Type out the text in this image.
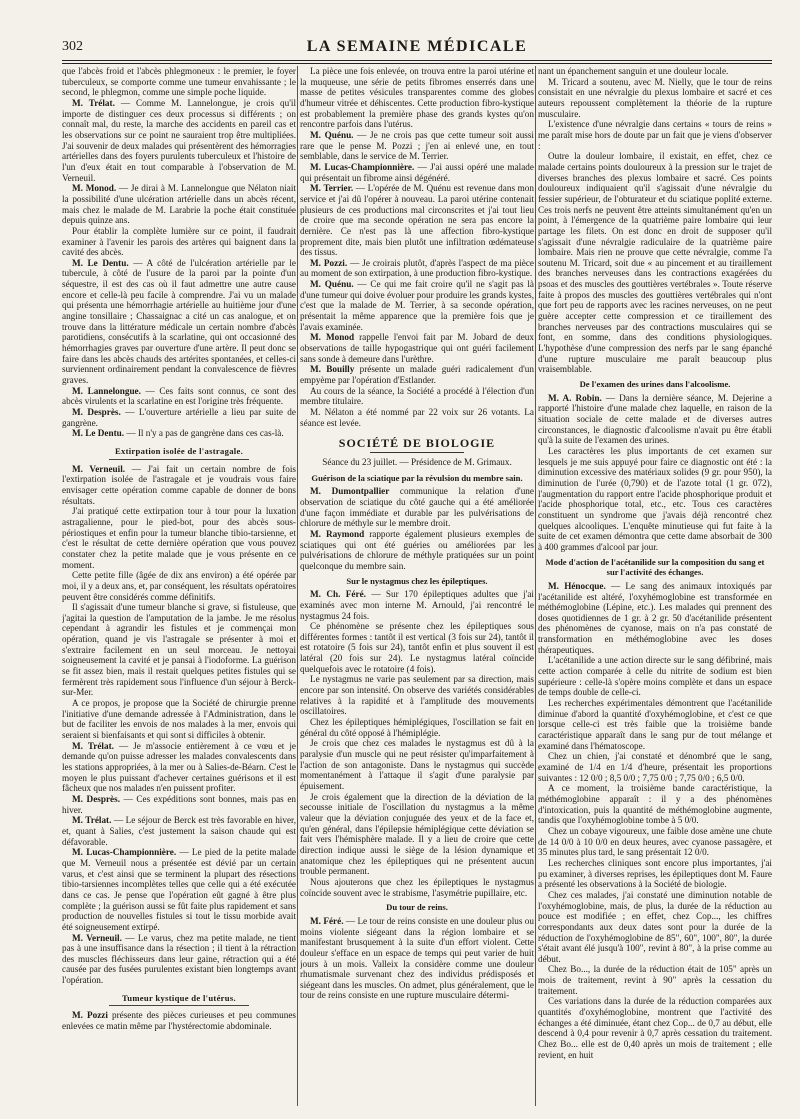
302	LA SEMAINE MÉDICALE

que l'abcès froid et l'abcès phlegmoneux : le premier, le foyer tuberculeux, se comporte comme une tumeur envahissante ; le second, le phlegmon, comme une simple poche liquide.

M. Trélat. — Comme M. Lannelongue, je crois qu'il importe de distinguer ces deux processus si différents ; on connaît mal, du reste, la marche des accidents en pareil cas et les observations sur ce point ne sauraient trop être multipliées. J'ai souvenir de deux malades qui présentèrent des hémorragies artérielles dans des foyers purulents tuberculeux et l'histoire de l'un d'eux était en tout comparable à l'observation de M. Verneuil.

M. Monod. — Je dirai à M. Lannelongue que Nélaton niait la possibilité d'une ulcération artérielle dans un abcès récent, mais chez le malade de M. Larabrie la poche était constituée depuis quinze ans.

Pour établir la complète lumière sur ce point, il faudrait examiner à l'avenir les parois des artères qui baignent dans la cavité des abcès.

M. Le Dentu. — A côté de l'ulcération artérielle par le tubercule, à côté de l'usure de la paroi par la pointe d'un séquestre, il est des cas où il faut admettre une autre cause encore et celle-là peu facile à comprendre. J'ai vu un malade qui présenta une hémorrhagie artérielle au huitième jour d'une angine tonsillaire ; Chassaignac a cité un cas analogue, et on trouve dans la littérature médicale un certain nombre d'abcès parotidiens, consécutifs à la scarlatine, qui ont occasionné des hémorrhagies graves par ouverture d'une artère. Il peut donc se faire dans les abcès chauds des artérites spontanées, et celles-ci surviennent ordinairement pendant la convalescence de fièvres graves.

M. Lannelongue. — Ces faits sont connus, ce sont des abcès virulents et la scarlatine en est l'origine très fréquente.

M. Desprès. — L'ouverture artérielle a lieu par suite de gangrène.

M. Le Dentu. — Il n'y a pas de gangrène dans ces cas-là.

Extirpation isolée de l'astragale.

M. Verneuil. — J'ai fait un certain nombre de fois l'extirpation isolée de l'astragale et je voudrais vous faire envisager cette opération comme capable de donner de bons résultats.

J'ai pratiqué cette extirpation tour à tour pour la luxation astragalienne, pour le pied-bot, pour des abcès sous-périostiques et enfin pour la tumeur blanche tibio-tarsienne, et c'est le résultat de cette dernière opération que vous pouvez constater chez la petite malade que je vous présente en ce moment.

Cette petite fille (âgée de dix ans environ) a été opérée par moi, il y a deux ans, et, par conséquent, les résultats opératoires peuvent être considérés comme définitifs.

Il s'agissait d'une tumeur blanche si grave, si fistuleuse, que j'agitai la question de l'amputation de la jambe. Je me résolus cependant à agrandir les fistules et je commençai mon opération, quand je vis l'astragale se présenter à moi et s'extraire facilement en un seul morceau. Je nettoyai soigneusement la cavité et je pansai à l'iodoforme. La guérison se fit assez bien, mais il restait quelques petites fistules qui se fermèrent très rapidement sous l'influence d'un séjour à Berck-sur-Mer.

A ce propos, je propose que la Société de chirurgie prenne l'initiative d'une demande adressée à l'Administration, dans le but de faciliter les envois de nos malades à la mer, envois qui seraient si bienfaisants et qui sont si difficiles à obtenir.

M. Trélat. — Je m'associe entièrement à ce vœu et je demande qu'on puisse adresser les malades convalescents dans les stations appropriées, à la mer ou à Salies-de-Béarn. C'est le moyen le plus puissant d'achever certaines guérisons et il est fâcheux que nos malades n'en puissent profiter.

M. Desprès. — Ces expéditions sont bonnes, mais pas en hiver.

M. Trélat. — Le séjour de Berck est très favorable en hiver, et, quant à Salies, c'est justement la saison chaude qui est défavorable.

M. Lucas-Championnière. — Le pied de la petite malade que M. Verneuil nous a présentée est dévié par un certain varus, et c'est ainsi que se terminent la plupart des résections tibio-tarsiennes incomplètes telles que celle qui a été exécutée dans ce cas. Je pense que l'opération eût gagné à être plus complète ; la guérison aussi se fût faite plus rapidement et sans production de nouvelles fistules si tout le tissu morbide avait été soigneusement extirpé.

M. Verneuil. — Le varus, chez ma petite malade, ne tient pas à une insuffisance dans la résection ; il tient à la rétraction des muscles fléchisseurs dans leur gaine, rétraction qui a été causée par des fusées purulentes existant bien longtemps avant l'opération.

Tumeur kystique de l'utérus.

M. Pozzi présente des pièces curieuses et peu communes enlevées ce matin même par l'hystérectomie abdominale.

La pièce une fois enlevée, on trouva entre la paroi utérine et la muqueuse, une série de petits fibromes enserrés dans une masse de petites vésicules transparentes comme des globes d'humeur vitrée et déhiscentes. Cette production fibro-kystique est probablement la première phase des grands kystes qu'on rencontre parfois dans l'utérus.

M. Quénu. — Je ne crois pas que cette tumeur soit aussi rare que le pense M. Pozzi ; j'en ai enlevé une, en tout semblable, dans le service de M. Terrier.

M. Lucas-Championnière. — J'ai aussi opéré une malade qui présentait un fibrome ainsi dégénéré.

M. Terrier. — L'opérée de M. Quénu est revenue dans mon service et j'ai dû l'opérer à nouveau. La paroi utérine contenait plusieurs de ces productions mal circonscrites et j'ai tout lieu de croire que ma seconde opération ne sera pas encore la dernière. Ce n'est pas là une affection fibro-kystique proprement dite, mais bien plutôt une infiltration œdémateuse des tissus.

M. Pozzi. — Je croirais plutôt, d'après l'aspect de ma pièce au moment de son extirpation, à une production fibro-kystique.

M. Quénu. — Ce qui me fait croire qu'il ne s'agit pas là d'une tumeur qui doive évoluer pour produire les grands kystes, c'est que la malade de M. Terrier, à sa seconde opération, présentait la même apparence que la première fois que je l'avais examinée.

M. Monod rappelle l'envoi fait par M. Jobard de deux observations de taille hypogastrique qui ont guéri facilement sans sonde à demeure dans l'urèthre.

M. Bouilly présente un malade guéri radicalement d'un empyème par l'opération d'Estlander.

Au cours de la séance, la Société a procédé à l'élection d'un membre titulaire.

M. Nélaton a été nommé par 22 voix sur 26 votants. La séance est levée.

SOCIÉTÉ DE BIOLOGIE
Séance du 23 juillet. — Présidence de M. Grimaux.
Guérison de la sciatique par la révulsion du membre sain.

M. Dumontpallier communique la relation d'une observation de sciatique du côté gauche qui a été améliorée d'une façon immédiate et durable par les pulvérisations de chlorure de méthyle sur le membre droit.

M. Raymond rapporte également plusieurs exemples de sciatiques qui ont été guéries ou améliorées par les pulvérisations de chlorure de méthyle pratiquées sur un point quelconque du membre sain.

Sur le nystagmus chez les épileptiques.

M. Ch. Féré. — Sur 170 épileptiques adultes que j'ai examinés avec mon interne M. Arnould, j'ai rencontré le nystagmus 24 fois.

Ce phénomène se présente chez les épileptiques sous différentes formes : tantôt il est vertical (3 fois sur 24), tantôt il est rotatoire (5 fois sur 24), tantôt enfin et plus souvent il est latéral (20 fois sur 24). Le nystagmus latéral coïncide quelquefois avec le rotatoire (4 fois).

Le nystagmus ne varie pas seulement par sa direction, mais encore par son intensité. On observe des variétés considérables relatives à la rapidité et à l'amplitude des mouvements oscillatoires.

Chez les épileptiques hémiplégiques, l'oscillation se fait en général du côté opposé à l'hémiplégie.

Je crois que chez ces malades le nystagmus est dû à la paralysie d'un muscle qui ne peut résister qu'imparfaitement à l'action de son antagoniste. Dans le nystagmus qui succède momentanément à l'attaque il s'agit d'une paralysie par épuisement.

Je crois également que la direction de la déviation de la secousse initiale de l'oscillation du nystagmus a la même valeur que la déviation conjuguée des yeux et de la face et, qu'en général, dans l'épilepsie hémiplégique cette déviation se fait vers l'hémisphère malade. Il y a lieu de croire que cette direction indique aussi le siège de la lésion dynamique et anatomique chez les épileptiques qui ne présentent aucun trouble permanent.

Nous ajouterons que chez les épileptiques le nystagmus coïncide souvent avec le strabisme, l'asymétrie pupillaire, etc.

Du tour de reins.

M. Féré. — Le tour de reins consiste en une douleur plus ou moins violente siégeant dans la région lombaire et se manifestant brusquement à la suite d'un effort violent. Cette douleur s'efface en un espace de temps qui peut varier de huit jours à un mois. Valleix la considère comme une douleur rhumatismale survenant chez des individus prédisposés et siégeant dans les muscles. On admet, plus généralement, que le tour de reins consiste en une rupture musculaire détermi-

nant un épanchement sanguin et une douleur locale.

M. Tricard a soutenu, avec M. Nielly, que le tour de reins consistait en une névralgie du plexus lombaire et sacré et ces auteurs repoussent complètement la théorie de la rupture musculaire.

L'existence d'une névralgie dans certains « tours de reins » me paraît mise hors de doute par un fait que je viens d'observer :

Outre la douleur lombaire, il existait, en effet, chez ce malade certains points douloureux à la pression sur le trajet de diverses branches des plexus lombaire et sacré. Ces points douloureux indiquaient qu'il s'agissait d'une névralgie du fessier supérieur, de l'obturateur et du sciatique poplité externe. Ces trois nerfs ne peuvent être atteints simultanément qu'en un point, à l'émergence de la quatrième paire lombaire qui leur partage les filets. On est donc en droit de supposer qu'il s'agissait d'une névralgie radiculaire de la quatrième paire lombaire. Mais rien ne prouve que cette névralgie, comme l'a soutenu M. Tricard, soit due « au pincement et au tiraillement des branches nerveuses dans les contractions exagérées du psoas et des muscles des gouttières vertébrales ». Toute réserve faite à propos des muscles des gouttières vertébrales qui n'ont que fort peu de rapports avec les racines nerveuses, on ne peut guère accepter cette compression et ce tiraillement des branches nerveuses par des contractions musculaires qui se font, en somme, dans des conditions physiologiques. L'hypothèse d'une compression des nerfs par le sang épanché d'une rupture musculaire me paraît beaucoup plus vraisemblable.

De l'examen des urines dans l'alcoolisme.

M. A. Robin. — Dans la dernière séance, M. Dejerine a rapporté l'histoire d'une malade chez laquelle, en raison de la situation sociale de cette malade et de diverses autres circonstances, le diagnostic d'alcoolisme n'avait pu être établi qu'à la suite de l'examen des urines.

Les caractères les plus importants de cet examen sur lesquels je me suis appuyé pour faire ce diagnostic ont été : la diminution excessive des matériaux solides (9 gr. pour 950), la diminution de l'urée (0,790) et de l'azote total (1 gr. 072), l'augmentation du rapport entre l'acide phosphorique produit et l'acide phosphorique total, etc., etc. Tous ces caractères constituent un syndrome que j'avais déjà rencontré chez quelques alcooliques. L'enquête minutieuse qui fut faite à la suite de cet examen démontra que cette dame absorbait de 300 à 400 grammes d'alcool par jour.

Mode d'action de l'acétanilide sur la composition du sang et sur l'activité des échanges.

M. Hénocque. — Le sang des animaux intoxiqués par l'acétanilide est altéré, l'oxyhémoglobine est transformée en méthémoglobine (Lépine, etc.). Les malades qui prennent des doses quotidiennes de 1 gr. à 2 gr. 50 d'acétanilide présentent des phénomènes de cyanose, mais on n'a pas constaté de transformation en méthémoglobine avec les doses thérapeutiques.

L'acétanilide a une action directe sur le sang défibriné, mais cette action comparée à celle du nitrite de sodium est bien supérieure : celle-là s'opère moins complète et dans un espace de temps double de celle-ci.

Les recherches expérimentales démontrent que l'acétanilide diminue d'abord la quantité d'oxyhémoglobine, et c'est ce que lorsque celle-ci est très faible que la troisième bande caractéristique apparaît dans le sang pur de tout mélange et examiné dans l'hématoscope.

Chez un chien, j'ai constaté et dénombré que le sang, examiné de 1/4 en 1/4 d'heure, présentait les proportions suivantes : 12 0/0 ; 8,5 0/0 ; 7,75 0/0 ; 7,75 0/0 ; 6,5 0/0.

A ce moment, la troisième bande caractéristique, la méthémoglobine apparaît : il y a des phénomènes d'intoxication, puis la quantité de méthémoglobine augmente, tandis que l'oxyhémoglobine tombe à 5 0/0.

Chez un cobaye vigoureux, une faible dose amène une chute de 14 0/0 à 10 0/0 en deux heures, avec cyanose passagère, et 35 minutes plus tard, le sang présentait 12 0/0.

Les recherches cliniques sont encore plus importantes, j'ai pu examiner, à diverses reprises, les épileptiques dont M. Faure a présenté les observations à la Société de biologie.

Chez ces malades, j'ai constaté une diminution notable de l'oxyhémoglobine, mais, de plus, la durée de la réduction au pouce est modifiée ; en effet, chez Cop..., les chiffres correspondants aux deux dates sont pour la durée de la réduction de l'oxyhémoglobine de 85", 60", 100", 80", la durée s'était avant élé jusqu'à 100", revint à 80", à la prise comme au début.

Chez Bo..., la durée de la réduction était de 105" après un mois de traitement, revint à 90" après la cessation du traitement.

Ces variations dans la durée de la réduction comparées aux quantités d'oxyhémoglobine, montrent que l'activité des échanges a été diminuée, étant chez Cop... de 0,7 au début, elle descend à 0,4 pour revenir à 0,7 après cessation du traitement. Chez Bo... elle est de 0,40 après un mois de traitement ; elle revient, en huit
